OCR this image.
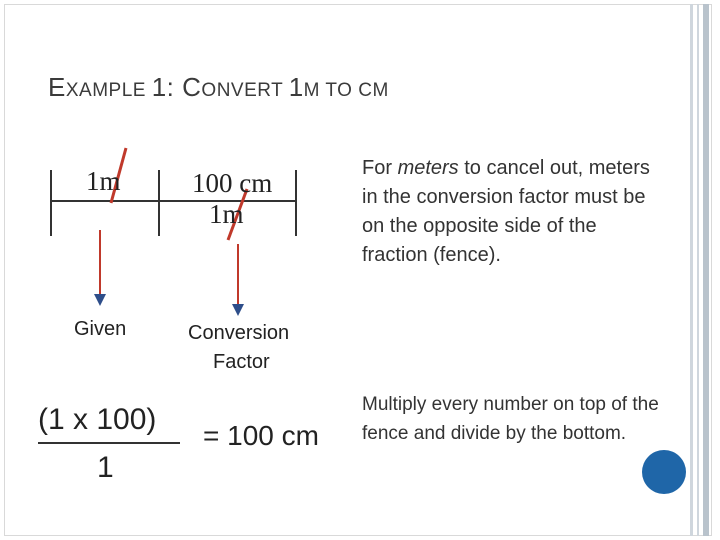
EXAMPLE 1: CONVERT 1M TO CM
1m	100 cm
1m
Given	Conversion
Factor
(1 x 100)
1
= 100 cm
For meters to cancel out, meters in the conversion factor must be on the opposite side of the fraction (fence).
Multiply every number on top of the fence and divide by the bottom.
